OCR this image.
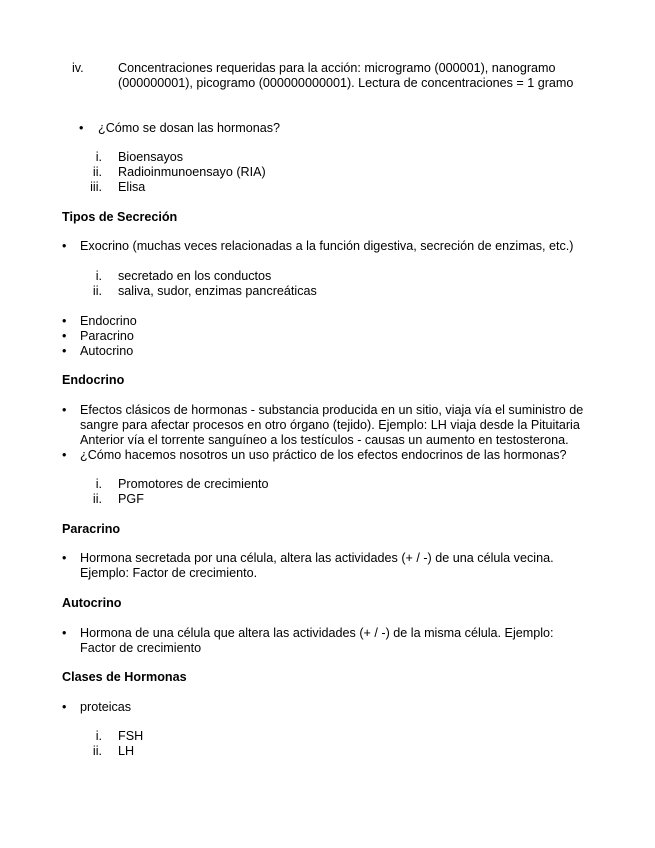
iv.	Concentraciones requeridas para la acción: microgramo (000001), nanogramo
(000000001), picogramo (000000000001). Lectura de concentraciones = 1 gramo
•	¿Cómo se dosan las hormonas?
i. Bioensayos
ii. Radioinmunoensayo (RIA)
iii. Elisa
Tipos de Secreción
•	Exocrino (muchas veces relacionadas a la función digestiva, secreción de enzimas, etc.)
i. secretado en los conductos
ii. saliva, sudor, enzimas pancreáticas
•	Endocrino
•	Paracrino
•	Autocrino
Endocrino
•	Efectos clásicos de hormonas - substancia producida en un sitio, viaja vía el suministro de
sangre para afectar procesos en otro órgano (tejido). Ejemplo: LH viaja desde la Pituitaria
Anterior vía el torrente sanguíneo a los testículos - causas un aumento en testosterona.
•	¿Cómo hacemos nosotros un uso práctico de los efectos endocrinos de las hormonas?
i. Promotores de crecimiento
ii. PGF
Paracrino
•	Hormona secretada por una célula, altera las actividades (+ / -) de una célula vecina.
Ejemplo: Factor de crecimiento.
Autocrino
•	Hormona de una célula que altera las actividades (+ / -) de la misma célula. Ejemplo:
Factor de crecimiento
Clases de Hormonas
•	proteicas
i. FSH
ii. LH
